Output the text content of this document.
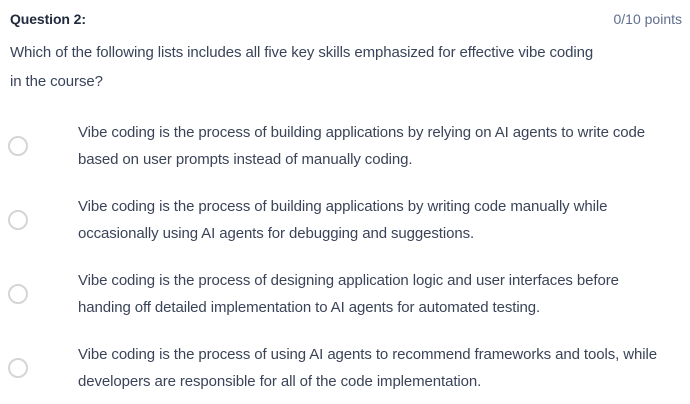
Question 2:	0/10 points
Which of the following lists includes all five key skills emphasized for effective vibe coding
in the course?
Vibe coding is the process of building applications by relying on AI agents to write code
based on user prompts instead of manually coding.
Vibe coding is the process of building applications by writing code manually while
occasionally using AI agents for debugging and suggestions.
Vibe coding is the process of designing application logic and user interfaces before
handing off detailed implementation to AI agents for automated testing.
Vibe coding is the process of using AI agents to recommend frameworks and tools, while
developers are responsible for all of the code implementation.
